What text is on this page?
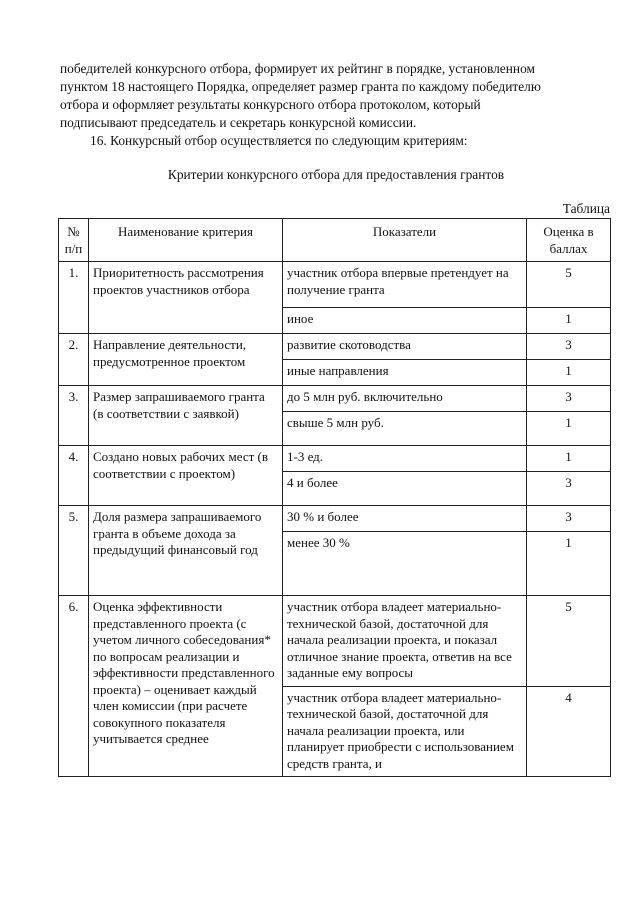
победителей конкурсного отбора, формирует их рейтинг в порядке, установленном
пунктом 18 настоящего Порядка, определяет размер гранта по каждому победителю
отбора и оформляет результаты конкурсного отбора протоколом, который
подписывают председатель и секретарь конкурсной комиссии.

16. Конкурсный отбор осуществляется по следующим критериям:

Критерии конкурсного отбора для предоставления грантов

Таблица

№ п/п	Наименование критерия	Показатели	Оценка в баллах
1.	Приоритетность рассмотрения проектов участников отбора	участник отбора впервые претендует на получение гранта	5
		иное	1
2.	Направление деятельности, предусмотренное проектом	развитие скотоводства	3
		иные направления	1
3.	Размер запрашиваемого гранта (в соответствии с заявкой)	до 5 млн руб. включительно	3
		свыше 5 млн руб.	1
4.	Создано новых рабочих мест (в соответствии с проектом)	1-3 ед.	1
		4 и более	3
5.	Доля размера запрашиваемого гранта в объеме дохода за предыдущий финансовый год	30 % и более	3
		менее 30 %	1
6.	Оценка эффективности представленного проекта (с учетом личного собеседования* по вопросам реализации и эффективности представленного проекта) – оценивает каждый член комиссии (при расчете совокупного показателя учитывается среднее	участник отбора владеет материально-технической базой, достаточной для начала реализации проекта, и показал отличное знание проекта, ответив на все заданные ему вопросы	5
		участник отбора владеет материально-технической базой, достаточной для начала реализации проекта, или планирует приобрести с использованием средств гранта, и	4
